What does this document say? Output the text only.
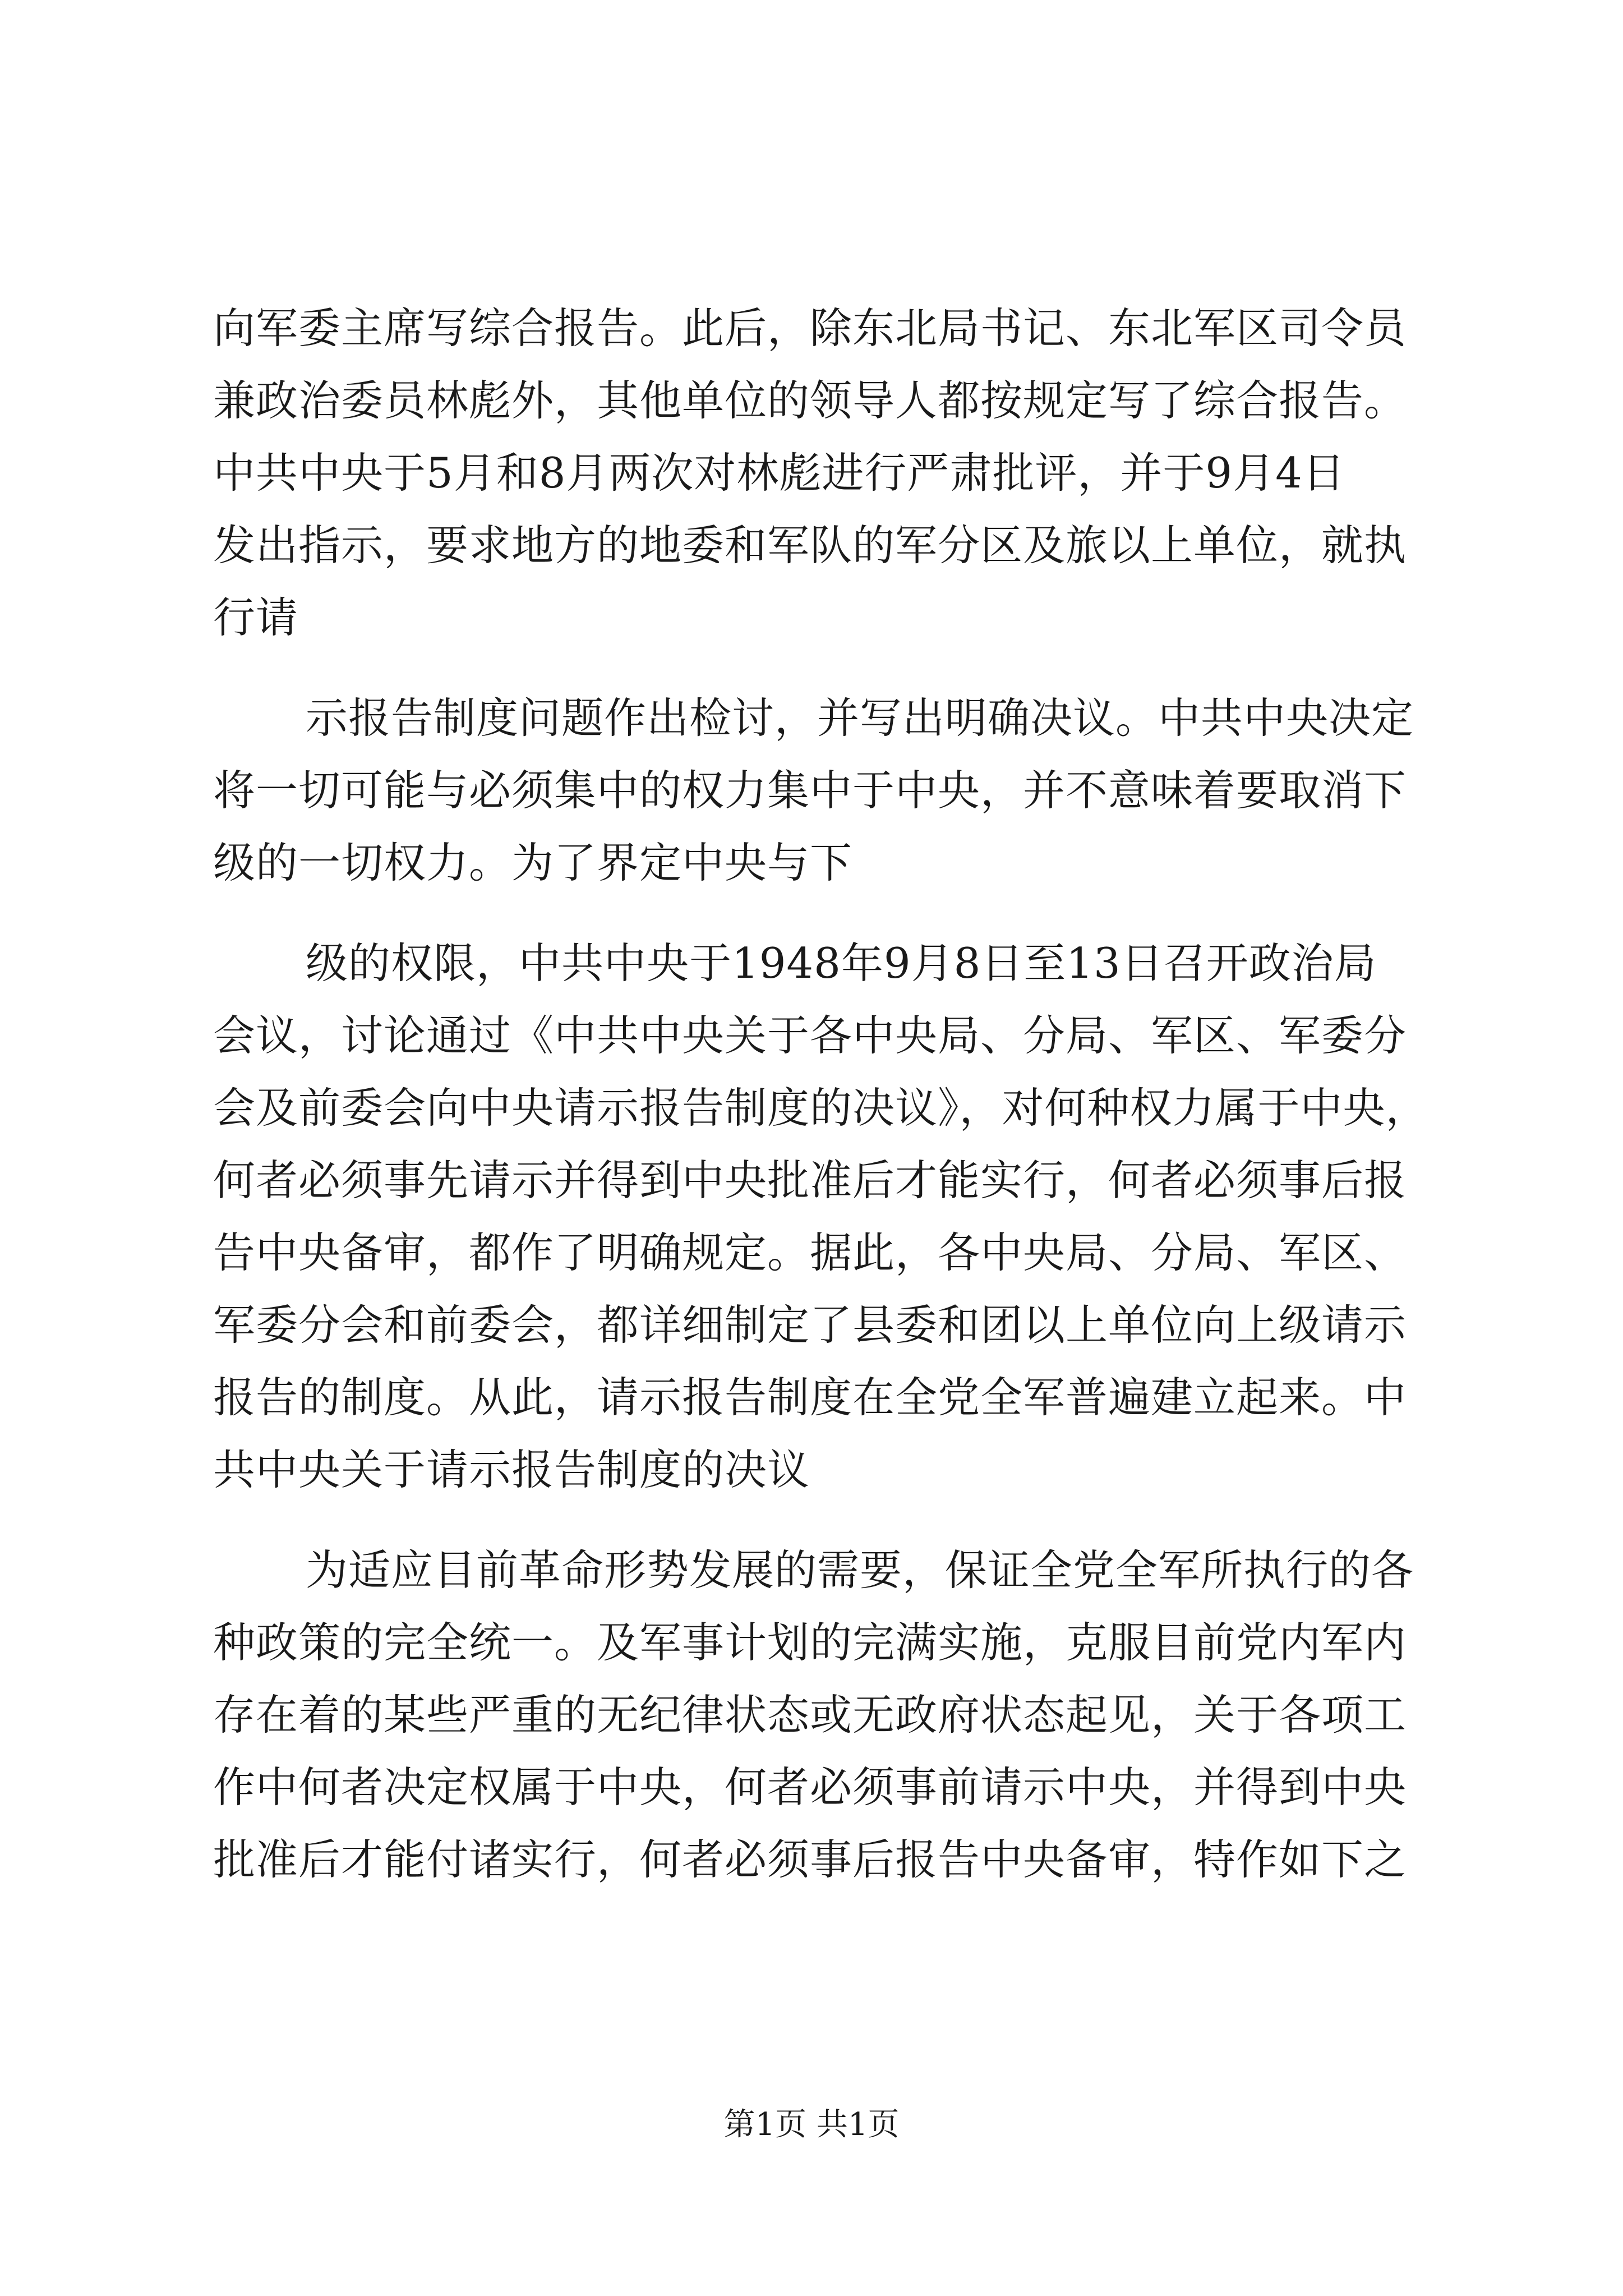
向军委主席写综合报告。此后，除东北局书记、东北军区司令员
兼政治委员林彪外，其他单位的领导人都按规定写了综合报告。
中共中央于5月和8月两次对林彪进行严肃批评，并于9月4日
发出指示，要求地方的地委和军队的军分区及旅以上单位，就执
行请
示报告制度问题作出检讨，并写出明确决议。中共中央决定
将一切可能与必须集中的权力集中于中央，并不意味着要取消下
级的一切权力。为了界定中央与下
级的权限，中共中央于1948年9月8日至13日召开政治局
会议，讨论通过《中共中央关于各中央局、分局、军区、军委分
会及前委会向中央请示报告制度的决议》，对何种权力属于中央，
何者必须事先请示并得到中央批准后才能实行，何者必须事后报
告中央备审，都作了明确规定。据此，各中央局、分局、军区、
军委分会和前委会，都详细制定了县委和团以上单位向上级请示
报告的制度。从此，请示报告制度在全党全军普遍建立起来。中
共中央关于请示报告制度的决议
为适应目前革命形势发展的需要，保证全党全军所执行的各
种政策的完全统一。及军事计划的完满实施，克服目前党内军内
存在着的某些严重的无纪律状态或无政府状态起见，关于各项工
作中何者决定权属于中央，何者必须事前请示中央，并得到中央
批准后才能付诸实行，何者必须事后报告中央备审，特作如下之
第1页 共1页
